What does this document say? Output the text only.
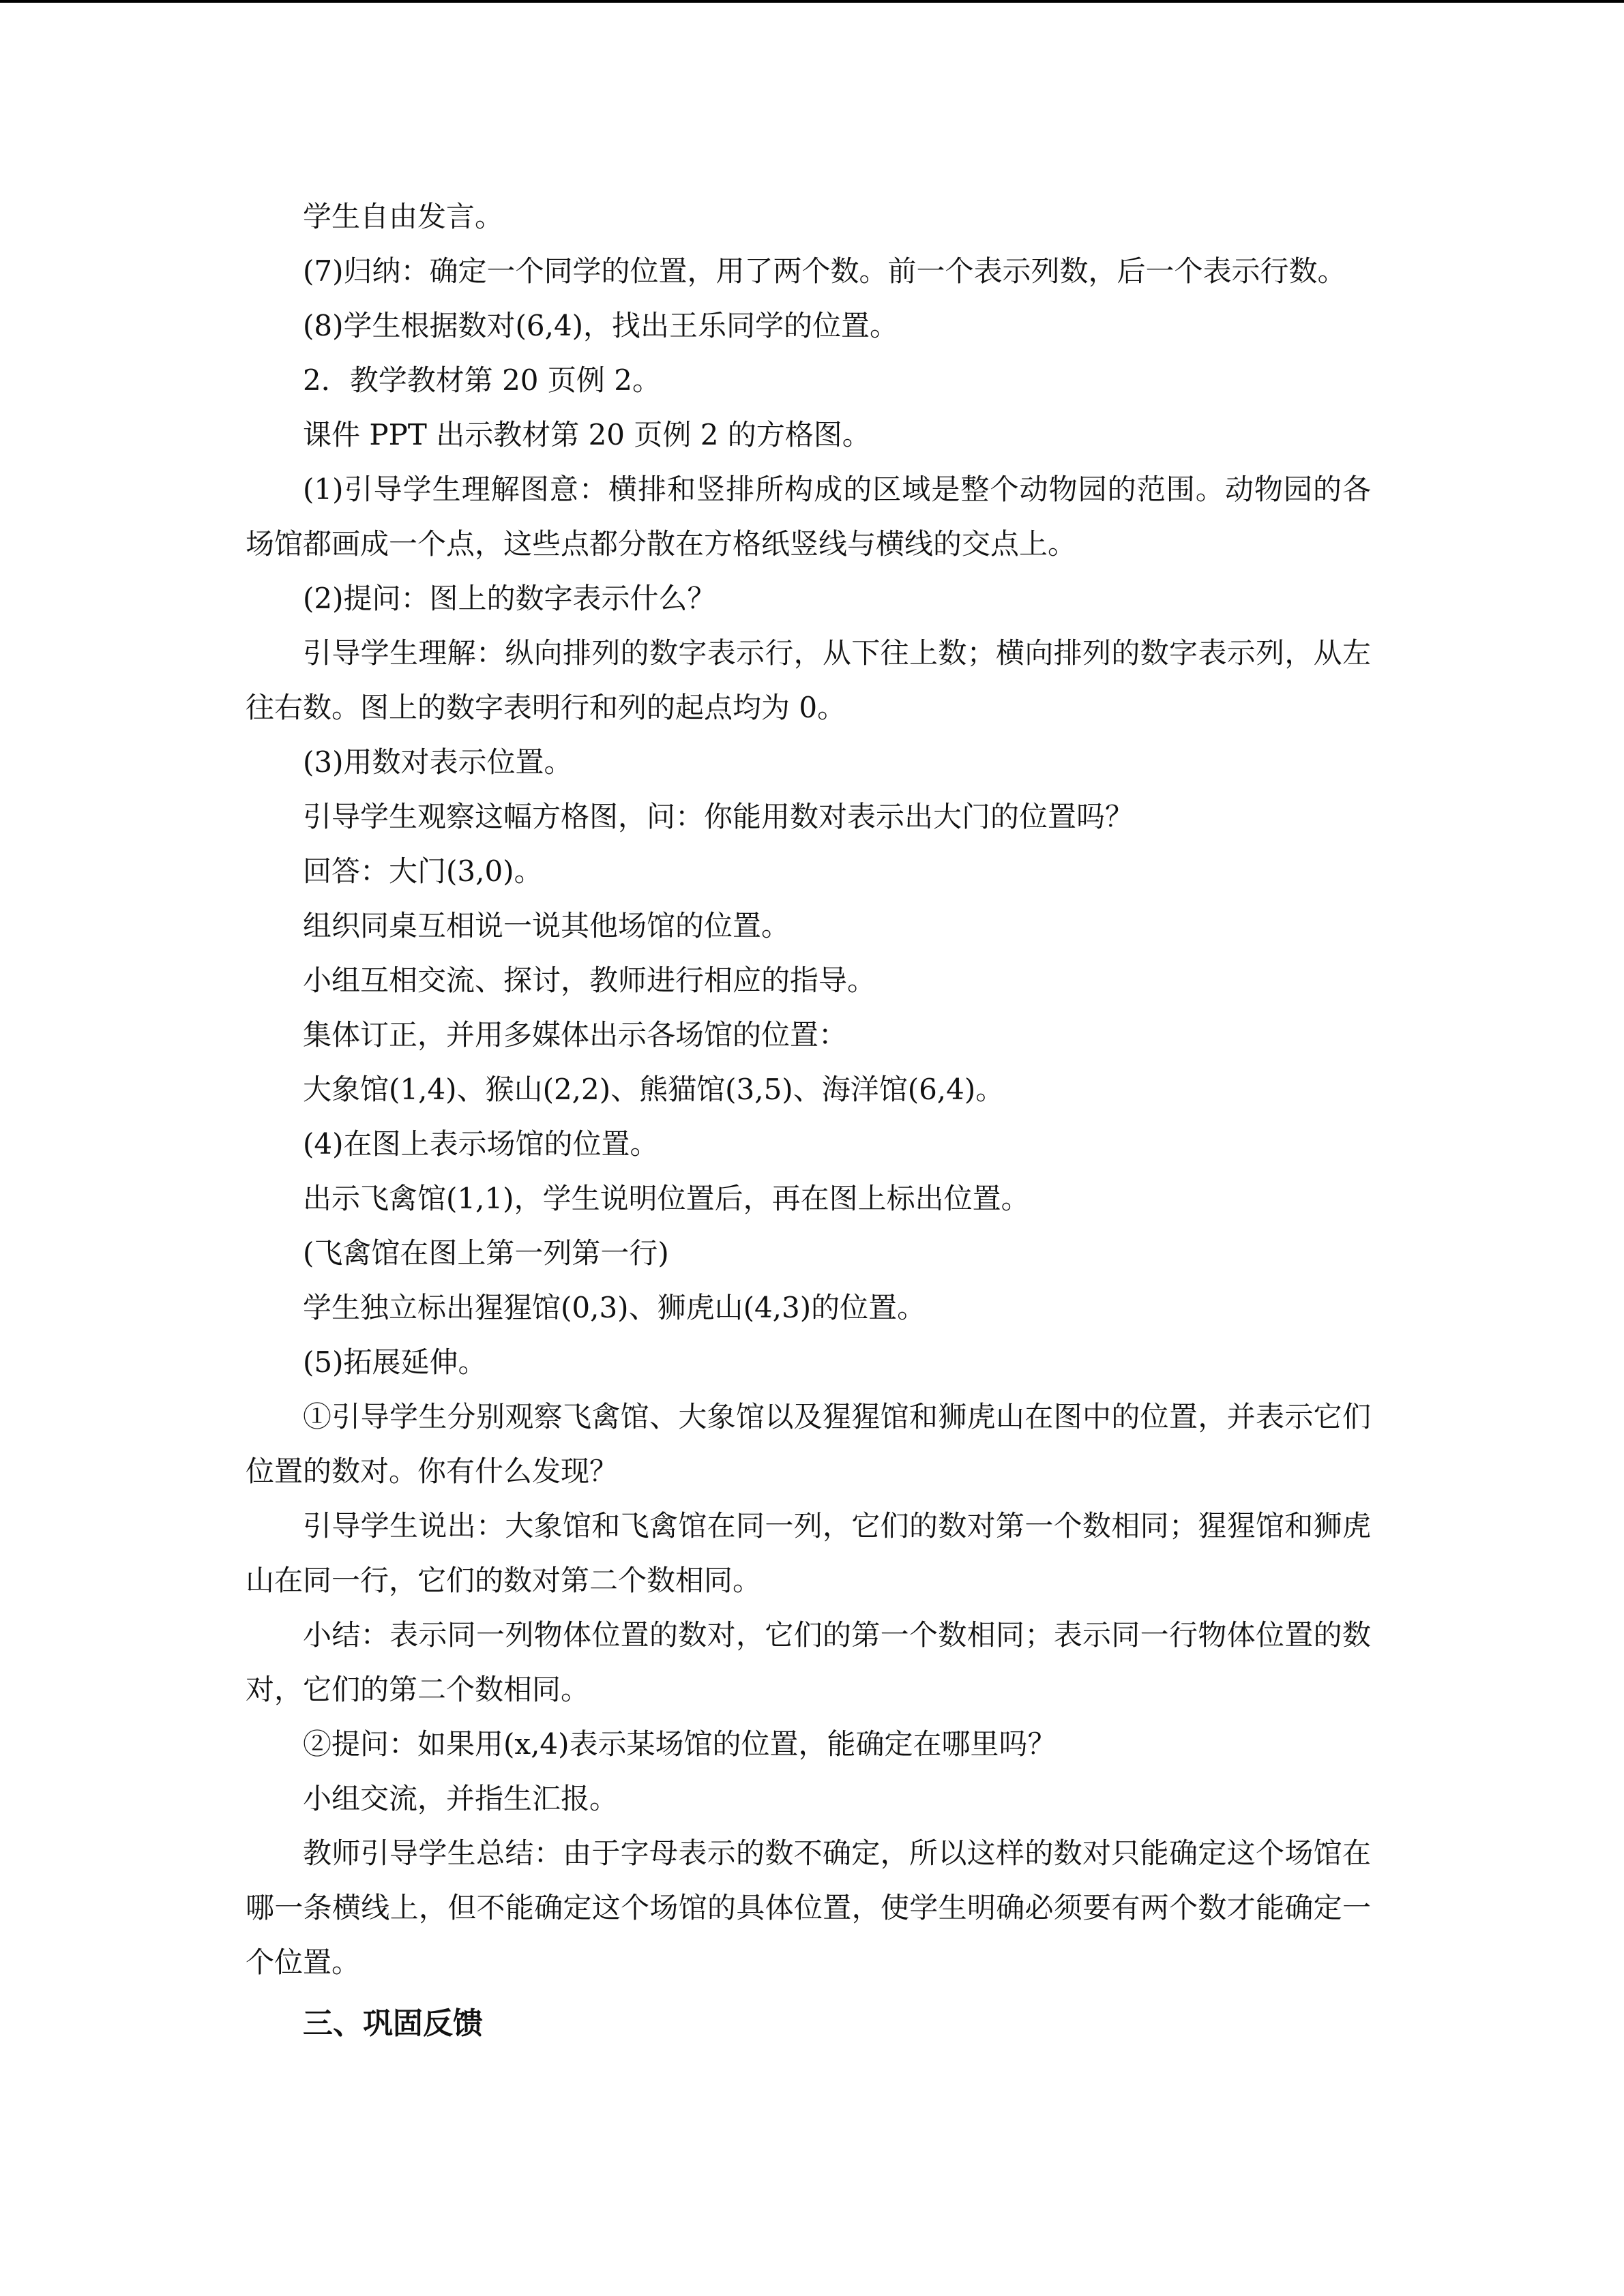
学生自由发言。

(7)归纳：确定一个同学的位置，用了两个数。前一个表示列数，后一个表示行数。

(8)学生根据数对(6,4)，找出王乐同学的位置。

2．教学教材第 20 页例 2。

课件 PPT 出示教材第 20 页例 2 的方格图。

(1)引导学生理解图意：横排和竖排所构成的区域是整个动物园的范围。动物园的各场馆都画成一个点，这些点都分散在方格纸竖线与横线的交点上。

(2)提问：图上的数字表示什么？

引导学生理解：纵向排列的数字表示行，从下往上数；横向排列的数字表示列，从左往右数。图上的数字表明行和列的起点均为 0。

(3)用数对表示位置。

引导学生观察这幅方格图，问：你能用数对表示出大门的位置吗？

回答：大门(3,0)。

组织同桌互相说一说其他场馆的位置。

小组互相交流、探讨，教师进行相应的指导。

集体订正，并用多媒体出示各场馆的位置：

大象馆(1,4)、猴山(2,2)、熊猫馆(3,5)、海洋馆(6,4)。

(4)在图上表示场馆的位置。

出示飞禽馆(1,1)，学生说明位置后，再在图上标出位置。

(飞禽馆在图上第一列第一行)

学生独立标出猩猩馆(0,3)、狮虎山(4,3)的位置。

(5)拓展延伸。

①引导学生分别观察飞禽馆、大象馆以及猩猩馆和狮虎山在图中的位置，并表示它们位置的数对。你有什么发现？

引导学生说出：大象馆和飞禽馆在同一列，它们的数对第一个数相同；猩猩馆和狮虎山在同一行，它们的数对第二个数相同。

小结：表示同一列物体位置的数对，它们的第一个数相同；表示同一行物体位置的数对，它们的第二个数相同。

②提问：如果用(x,4)表示某场馆的位置，能确定在哪里吗？

小组交流，并指生汇报。

教师引导学生总结：由于字母表示的数不确定，所以这样的数对只能确定这个场馆在哪一条横线上，但不能确定这个场馆的具体位置，使学生明确必须要有两个数才能确定一个位置。

三、巩固反馈
